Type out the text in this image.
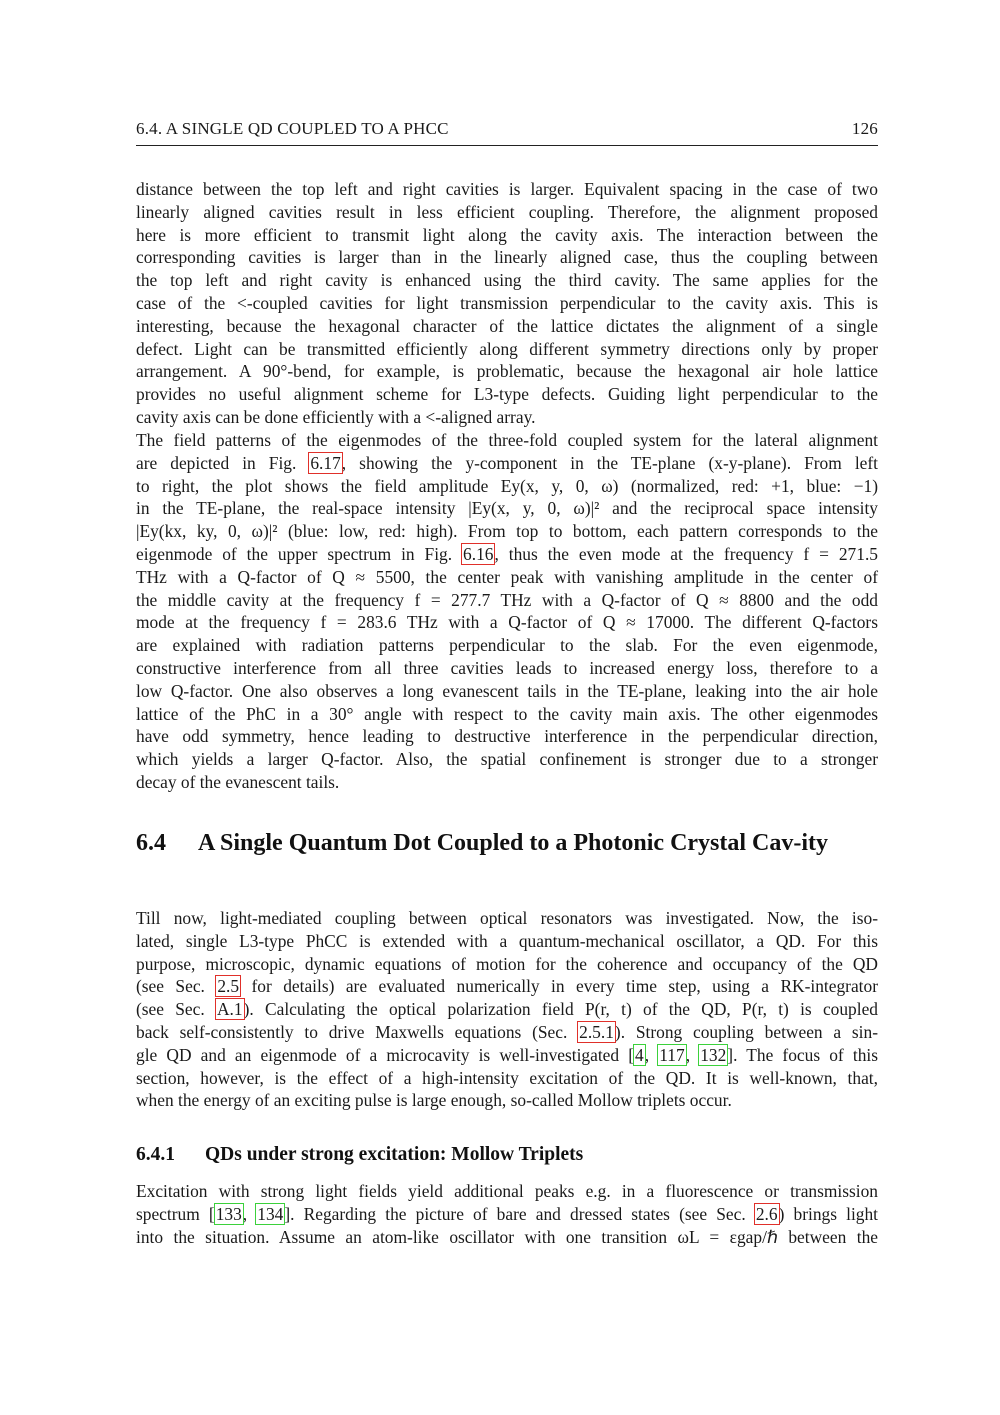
6.4. A SINGLE QD COUPLED TO A PHCC	126
distance between the top left and right cavities is larger. Equivalent spacing in the case of two
linearly aligned cavities result in less efficient coupling. Therefore, the alignment proposed
here is more efficient to transmit light along the cavity axis. The interaction between the
corresponding cavities is larger than in the linearly aligned case, thus the coupling between
the top left and right cavity is enhanced using the third cavity. The same applies for the
case of the <-coupled cavities for light transmission perpendicular to the cavity axis. This is
interesting, because the hexagonal character of the lattice dictates the alignment of a single
defect. Light can be transmitted efficiently along different symmetry directions only by proper
arrangement. A 90°-bend, for example, is problematic, because the hexagonal air hole lattice
provides no useful alignment scheme for L3-type defects. Guiding light perpendicular to the
cavity axis can be done efficiently with a <-aligned array.
The field patterns of the eigenmodes of the three-fold coupled system for the lateral alignment
are depicted in Fig. 6.17, showing the y-component in the TE-plane (x-y-plane). From left
to right, the plot shows the field amplitude Ey(x, y, 0, ω) (normalized, red: +1, blue: −1)
in the TE-plane, the real-space intensity |Ey(x, y, 0, ω)|² and the reciprocal space intensity
|Ey(kx, ky, 0, ω)|² (blue: low, red: high). From top to bottom, each pattern corresponds to the
eigenmode of the upper spectrum in Fig. 6.16, thus the even mode at the frequency f = 271.5
THz with a Q-factor of Q ≈ 5500, the center peak with vanishing amplitude in the center of
the middle cavity at the frequency f = 277.7 THz with a Q-factor of Q ≈ 8800 and the odd
mode at the frequency f = 283.6 THz with a Q-factor of Q ≈ 17000. The different Q-factors
are explained with radiation patterns perpendicular to the slab. For the even eigenmode,
constructive interference from all three cavities leads to increased energy loss, therefore to a
low Q-factor. One also observes a long evanescent tails in the TE-plane, leaking into the air hole
lattice of the PhC in a 30° angle with respect to the cavity main axis. The other eigenmodes
have odd symmetry, hence leading to destructive interference in the perpendicular direction,
which yields a larger Q-factor. Also, the spatial confinement is stronger due to a stronger
decay of the evanescent tails.
6.4 A Single Quantum Dot Coupled to a Photonic Crystal Cav-ity
Till now, light-mediated coupling between optical resonators was investigated. Now, the iso-
lated, single L3-type PhCC is extended with a quantum-mechanical oscillator, a QD. For this
purpose, microscopic, dynamic equations of motion for the coherence and occupancy of the QD
(see Sec. 2.5 for details) are evaluated numerically in every time step, using a RK-integrator
(see Sec. A.1). Calculating the optical polarization field P(r, t) of the QD, P(r, t) is coupled
back self-consistently to drive Maxwells equations (Sec. 2.5.1). Strong coupling between a sin-
gle QD and an eigenmode of a microcavity is well-investigated [4, 117, 132]. The focus of this
section, however, is the effect of a high-intensity excitation of the QD. It is well-known, that,
when the energy of an exciting pulse is large enough, so-called Mollow triplets occur.
6.4.1 QDs under strong excitation: Mollow Triplets
Excitation with strong light fields yield additional peaks e.g. in a fluorescence or transmission
spectrum [133, 134]. Regarding the picture of bare and dressed states (see Sec. 2.6) brings light
into the situation. Assume an atom-like oscillator with one transition ωL = εgap/ℏ between the
